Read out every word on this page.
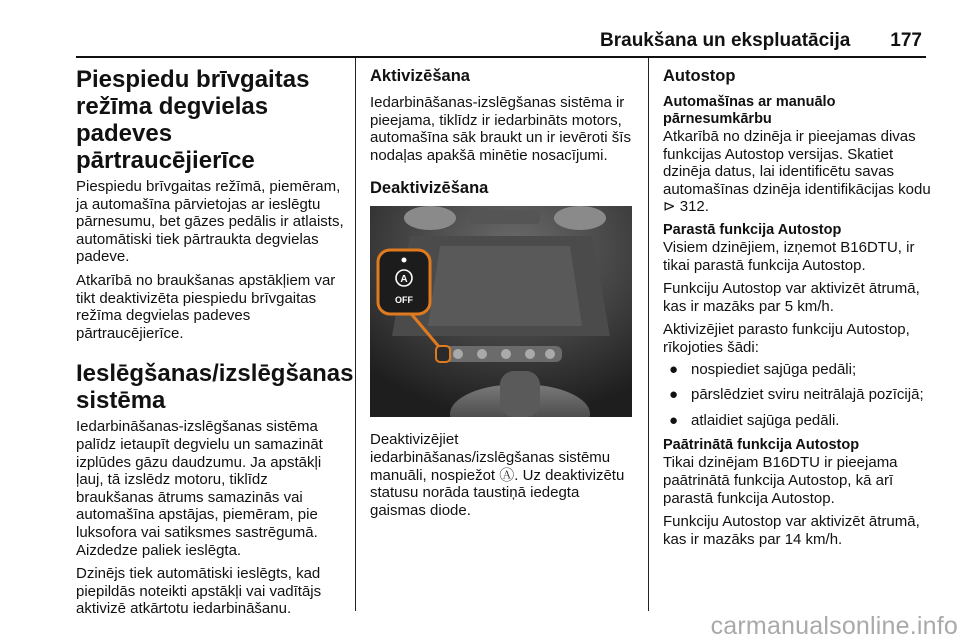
Braukšana un ekspluatācija 177
Piespiedu brīvgaitas režīma degvielas padeves pārtraucējierīce
Piespiedu brīvgaitas režīmā, piemēram, ja automašīna pārvietojas ar ieslēgtu pārnesumu, bet gāzes pedālis ir atlaists, automātiski tiek pārtraukta degvielas padeve.
Atkarībā no braukšanas apstākļiem var tikt deaktivizēta piespiedu brīvgaitas režīma degvielas padeves pārtraucējierīce.
Ieslēgšanas/izslēgšanas sistēma
Iedarbināšanas-izslēgšanas sistēma palīdz ietaupīt degvielu un samazināt izplūdes gāzu daudzumu. Ja apstākļi ļauj, tā izslēdz motoru, tiklīdz braukšanas ātrums samazinās vai automašīna apstājas, piemēram, pie luksofora vai satiksmes sastrēgumā. Aizdedze paliek ieslēgta.
Dzinējs tiek automātiski ieslēgts, kad piepildās noteikti apstākļi vai vadītājs aktivizē atkārtotu iedarbināšanu.
Aktivizēšana
Iedarbināšanas-izslēgšanas sistēma ir pieejama, tiklīdz ir iedarbināts motors, automašīna sāk braukt un ir ievēroti šīs nodaļas apakšā minētie nosacījumi.
Deaktivizēšana
A
OFF
Deaktivizējiet iedarbināšanas/izslēgšanas sistēmu manuāli, nospiežot Ⓐ. Uz deaktivizētu statusu norāda taustiņā iedegta gaismas diode.
Autostop
Automašīnas ar manuālo pārnesumkārbu
Atkarībā no dzinēja ir pieejamas divas funkcijas Autostop versijas. Skatiet dzinēja datus, lai identificētu savas automašīnas dzinēja identifikācijas kodu ⊳ 312.
Parastā funkcija Autostop
Visiem dzinējiem, izņemot B16DTU, ir tikai parastā funkcija Autostop.
Funkciju Autostop var aktivizēt ātrumā, kas ir mazāks par 5 km/h.
Aktivizējiet parasto funkciju Autostop, rīkojoties šādi:
● nospiediet sajūga pedāli;
● pārslēdziet sviru neitrālajā pozīcijā;
● atlaidiet sajūga pedāli.
Paātrinātā funkcija Autostop
Tikai dzinējam B16DTU ir pieejama paātrinātā funkcija Autostop, kā arī parastā funkcija Autostop.
Funkciju Autostop var aktivizēt ātrumā, kas ir mazāks par 14 km/h.
carmanualsonline.info
